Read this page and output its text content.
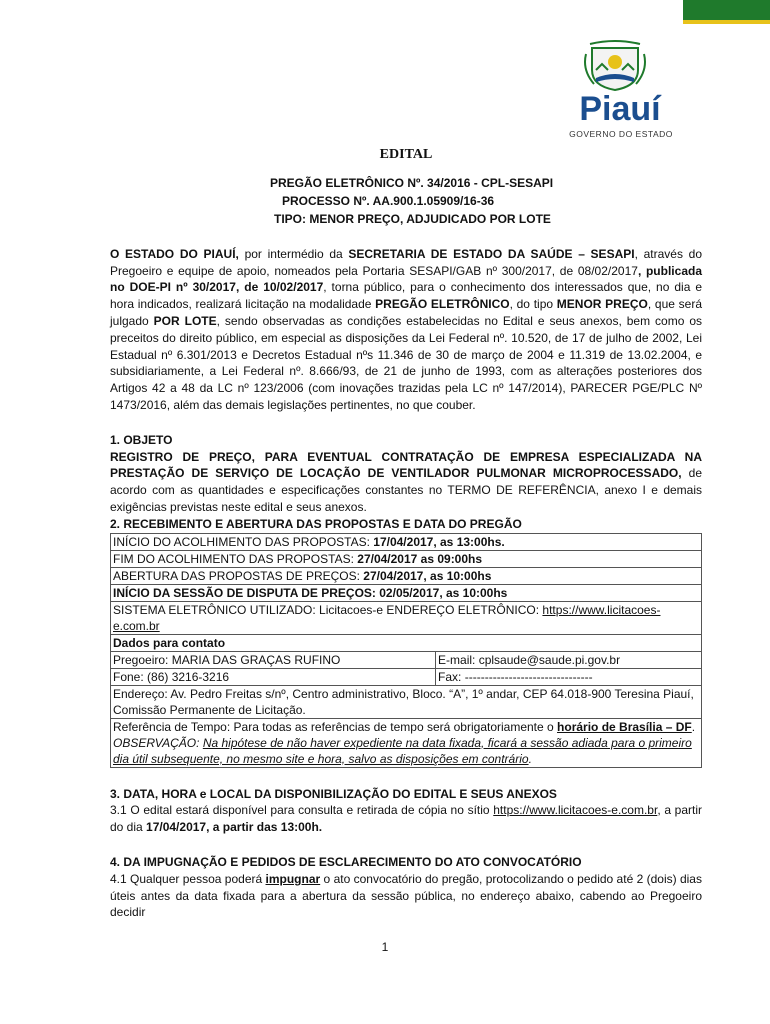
Piauí
GOVERNO DO ESTADO
EDITAL
PREGÃO ELETRÔNICO Nº. 34/2016 - CPL-SESAPI
PROCESSO Nº. AA.900.1.05909/16-36
TIPO: MENOR PREÇO, ADJUDICADO POR LOTE

O ESTADO DO PIAUÍ, por intermédio da SECRETARIA DE ESTADO DA SAÚDE – SESAPI, através do Pregoeiro e equipe de apoio, nomeados pela Portaria SESAPI/GAB nº 300/2017, de 08/02/2017, publicada no DOE-PI nº 30/2017, de 10/02/2017, torna público, para o conhecimento dos interessados que, no dia e hora indicados, realizará licitação na modalidade PREGÃO ELETRÔNICO, do tipo MENOR PREÇO, que será julgado POR LOTE, sendo observadas as condições estabelecidas no Edital e seus anexos, bem como os preceitos do direito público, em especial as disposições da Lei Federal nº. 10.520, de 17 de julho de 2002, Lei Estadual nº 6.301/2013 e Decretos Estadual nºs 11.346 de 30 de março de 2004 e 11.319 de 13.02.2004, e subsidiariamente, a Lei Federal nº. 8.666/93, de 21 de junho de 1993, com as alterações posteriores dos Artigos 42 a 48 da LC nº 123/2006 (com inovações trazidas pela LC nº 147/2014), PARECER PGE/PLC Nº 1473/2016, além das demais legislações pertinentes, no que couber.

1. OBJETO

REGISTRO DE PREÇO, PARA EVENTUAL CONTRATAÇÃO DE EMPRESA ESPECIALIZADA NA PRESTAÇÃO DE SERVIÇO DE LOCAÇÃO DE VENTILADOR PULMONAR MICROPROCESSADO, de acordo com as quantidades e especificações constantes no TERMO DE REFERÊNCIA, anexo I e demais exigências previstas neste edital e seus anexos.

2. RECEBIMENTO E ABERTURA DAS PROPOSTAS E DATA DO PREGÃO
INÍCIO DO ACOLHIMENTO DAS PROPOSTAS: 17/04/2017, as 13:00hs.	
FIM DO ACOLHIMENTO DAS PROPOSTAS: 27/04/2017 as 09:00hs	
ABERTURA DAS PROPOSTAS DE PREÇOS: 27/04/2017, as 10:00hs	
INÍCIO DA SESSÃO DE DISPUTA DE PREÇOS: 02/05/2017, as 10:00hs	
SISTEMA ELETRÔNICO UTILIZADO: Licitacoes-e ENDEREÇO ELETRÔNICO: https://www.licitacoes-e.com.br	
Dados para contato	
Pregoeiro: MARIA DAS GRAÇAS RUFINO	E-mail: cplsaude@saude.pi.gov.br
Fone: (86) 3216-3216	Fax: --------------------------------
Endereço: Av. Pedro Freitas s/nº, Centro administrativo, Bloco. “A”, 1º andar, CEP 64.018-900 Teresina Piauí, Comissão Permanente de Licitação.	
Referência de Tempo: Para todas as referências de tempo será obrigatoriamente o horário de Brasília – DF.
OBSERVAÇÃO: Na hipótese de não haver expediente na data fixada, ficará a sessão adiada para o primeiro dia útil subsequente, no mesmo site e hora, salvo as disposições em contrário.	
3. DATA, HORA e LOCAL DA DISPONIBILIZAÇÃO DO EDITAL E SEUS ANEXOS

3.1 O edital estará disponível para consulta e retirada de cópia no sítio https://www.licitacoes-e.com.br, a partir do dia 17/04/2017, a partir das 13:00h.

4. DA IMPUGNAÇÃO E PEDIDOS DE ESCLARECIMENTO DO ATO CONVOCATÓRIO

4.1 Qualquer pessoa poderá impugnar o ato convocatório do pregão, protocolizando o pedido até 2 (dois) dias úteis antes da data fixada para a abertura da sessão pública, no endereço abaixo, cabendo ao Pregoeiro decidir

1
